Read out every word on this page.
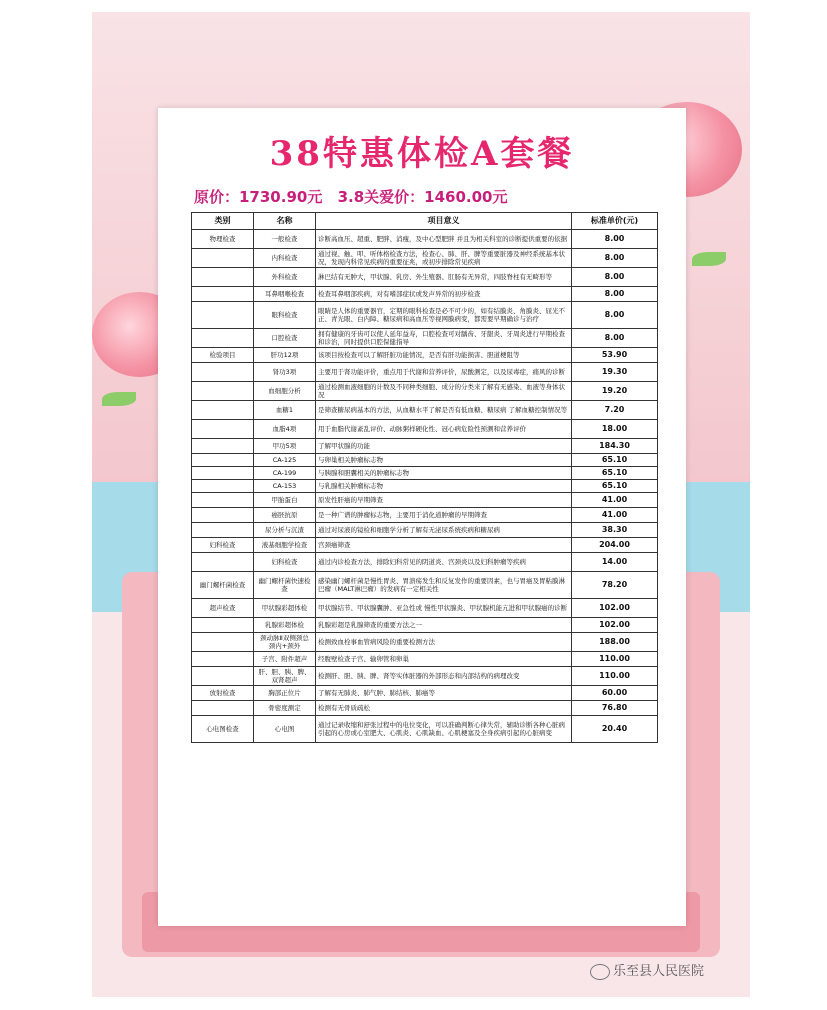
38特惠体检A套餐
原价：1730.90元 3.8关爱价：1460.00元
类别	名称	项目意义	标准单价(元)
物理检查	一般检查	诊断高血压、超重、肥胖、消瘦，及中心型肥胖 并且为相关科室的诊断提供重要的依据	8.00
	内科检查	通过视、触、叩、听体格检查方法，检查心、肺、肝、脾等重要脏器及神经系统基本状况，发现内科常见疾病的重要征兆，或初步排除常见疾病	8.00
	外科检查	淋巴结有无肿大，甲状腺、乳房、外生殖器、肛肠有无异常，四肢脊柱有无畸形等	8.00
	耳鼻咽喉检查	检查耳鼻咽部疾病，对有嗜部症状或发声异常的初步检查	8.00
	眼科检查	眼睛是人体的重要器官，定期的眼科检查是必不可少的，如有结膜炎、角膜炎、屈光不正、青光眼、白内障、糖尿病和高血压等视网膜病变，都需要早期确诊与治疗	8.00
	口腔检查	拥有健康的牙齿可以使人延年益寿，口腔检查可对龋齿、牙龈炎、牙周炎进行早期检查和诊治，同时提供口腔保健指导	8.00
检验项目	肝功12项	该项目按检查可以了解肝脏功能情况，是否有肝功能损害、胆道梗阻等	53.90
	肾功3项	主要用于肾功能评价，重点用于代谢和营养评价，尿酸测定，以及尿毒症，痛风的诊断	19.30
	血细胞分析	通过检测血液细胞的计数及不同种类细胞、成分的分类来了解有无感染、血液等身体状况	19.20
	血糖1	是筛查糖尿病基本的方法，从血糖水平了解是否有低血糖、糖尿病 了解血糖控制情况等	7.20
	血脂4项	用于血脂代谢紊乱评价、动脉粥样硬化性、冠心病危险性预测和营养评价	18.00
	甲功5项	了解甲状腺的功能	184.30
	CA-125	与卵巢相关肿瘤标志物	65.10
	CA-199	与胰腺和胆囊相关的肿瘤标志物	65.10
	CA-153	与乳腺相关肿瘤标志物	65.10
	甲胎蛋白	原发性肝癌的早期筛查	41.00
	癌胚抗原	是一种广谱的肿瘤标志物，主要用于消化道肿瘤的早期筛查	41.00
	尿分析与沉渣	通过对尿液的镜检和细胞学分析了解有无泌尿系统疾病和糖尿病	38.30
妇科检查	液基细胞学检查	宫颈癌筛查	204.00
	妇科检查	通过内诊检查方法，排除妇科常见的阴道炎、宫颈炎以及妇科肿瘤等疾病	14.00
幽门螺杆菌检查	幽门螺杆菌快速检查	感染幽门螺杆菌是慢性胃炎、胃溃疡发生和反复发作的重要因素，也与胃癌及胃粘膜淋巴瘤（MALT淋巴瘤）的发病有一定相关性	78.20
超声检查	甲状腺彩超体检	甲状腺结节、甲状腺囊肿、亚急性或 慢性甲状腺炎、甲状腺机能亢进和甲状腺癌的诊断	102.00
	乳腺彩超体检	乳腺彩超是乳腺筛查的重要方法之一	102.00
	颈动脉Ⅱ双侧颈总 颈内+颈外	检测致血栓事血管病风险的重要检测方法	188.00
	子宫、附件超声	经腹壁检查子宫、输卵管和卵巢	110.00
	肝、胆、胰、脾、双肾超声	检测肝、胆、胰、脾、肾等实体脏器的外部形态和内部结构的病理改变	110.00
放射检查	胸部正位片	了解有无肺炎、肺气肿、肺结核、肺癌等	60.00
	骨密度测定	检测有无骨质疏松	76.80
心电图检查	心电图	通过记录收缩和舒张过程中的电位变化，可以准确判断心律失常，辅助诊断各种心脏病引起的心房或心室肥大、心肌炎、心肌缺血、心肌梗塞及全身疾病引起的心脏病变	20.40
乐至县人民医院
